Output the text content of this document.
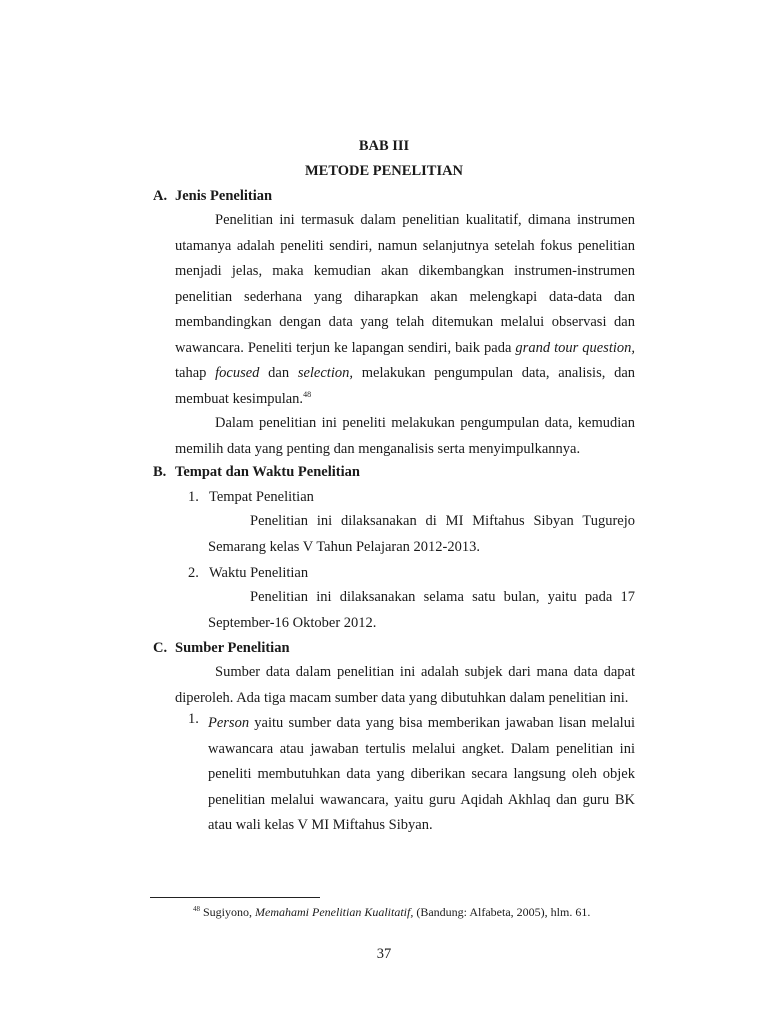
BAB III

METODE PENELITIAN

A. Jenis Penelitian

Penelitian ini termasuk dalam penelitian kualitatif, dimana instrumen utamanya adalah peneliti sendiri, namun selanjutnya setelah fokus penelitian menjadi jelas, maka kemudian akan dikembangkan instrumen-instrumen penelitian sederhana yang diharapkan akan melengkapi data-data dan membandingkan dengan data yang telah ditemukan melalui observasi dan wawancara. Peneliti terjun ke lapangan sendiri, baik pada grand tour question, tahap focused dan selection, melakukan pengumpulan data, analisis, dan membuat kesimpulan.$^{48}$

Dalam penelitian ini peneliti melakukan pengumpulan data, kemudian memilih data yang penting dan menganalisis serta menyimpulkannya.

B. Tempat dan Waktu Penelitian

1. Tempat Penelitian

Penelitian ini dilaksanakan di MI Miftahus Sibyan Tugurejo Semarang kelas V Tahun Pelajaran 2012-2013.

2. Waktu Penelitian

Penelitian ini dilaksanakan selama satu bulan, yaitu pada 17 September-16 Oktober 2012.

C. Sumber Penelitian

Sumber data dalam penelitian ini adalah subjek dari mana data dapat diperoleh. Ada tiga macam sumber data yang dibutuhkan dalam penelitian ini.

1. Person yaitu sumber data yang bisa memberikan jawaban lisan melalui wawancara atau jawaban tertulis melalui angket. Dalam penelitian ini peneliti membutuhkan data yang diberikan secara langsung oleh objek penelitian melalui wawancara, yaitu guru Aqidah Akhlaq dan guru BK atau wali kelas V MI Miftahus Sibyan.

$^{48}$ Sugiyono, Memahami Penelitian Kualitatif, (Bandung: Alfabeta, 2005), hlm. 61.

37
